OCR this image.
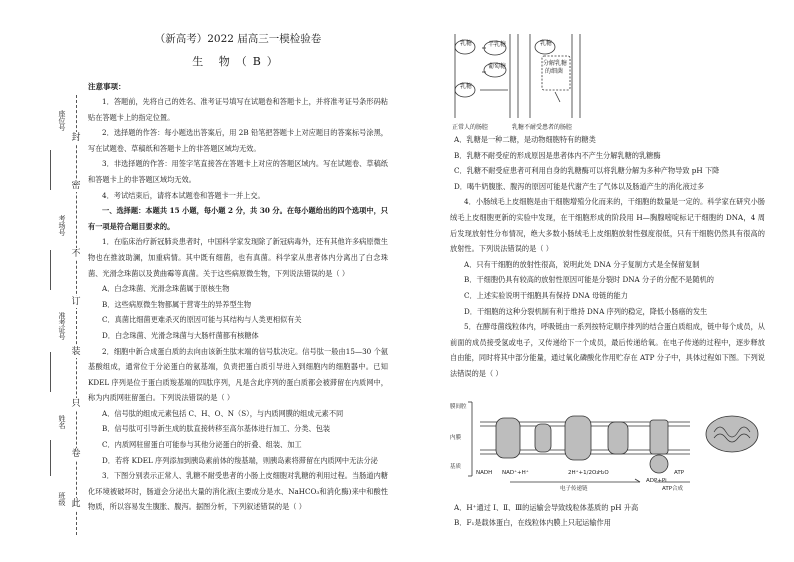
封
密
不
订
装
只
卷
此
座位号
考场号
准考证号
姓名
班级
（新高考）2022 届高三一模检验卷
生 物（B）
注意事项：
1．答题前，先将自己的姓名、准考证号填写在试题卷和答题卡上，并将准考证号条形码粘贴在答题卡上的指定位置。
2．选择题的作答：每小题选出答案后，用 2B 铅笔把答题卡上对应题目的答案标号涂黑，写在试题卷、草稿纸和答题卡上的非答题区域均无效。
3．非选择题的作答：用签字笔直接答在答题卡上对应的答题区域内。写在试题卷、草稿纸和答题卡上的非答题区域均无效。
4．考试结束后，请将本试题卷和答题卡一并上交。
一、选择题：本题共 15 小题，每小题 2 分，共 30 分。在每小题给出的四个选项中，只有一项是符合题目要求的。
1．在临床治疗新冠肺炎患者时，中国科学家发现除了新冠病毒外，还有其他许多病原微生物也在推波助澜，加重病情。其中既有细菌，也有真菌。科学家从患者体内分离出了白念珠菌、光滑念珠菌以及黄曲霉等真菌。关于这些病原微生物，下列说法错误的是（ ）
A．白念珠菌、光滑念珠菌属于原核生物
B．这些病原微生物都属于营寄生的异养型生物
C．真菌比细菌更难杀灭的原因可能与其结构与人类更相似有关
D．白念珠菌、光滑念珠菌与大肠杆菌都有核糖体
2．细胞中新合成蛋白质的去向由该新生肽末端的信号肽决定。信号肽一般由15—30 个氨基酸组成，通常位于分泌蛋白的氨基端，负责把蛋白质引导进入到细胞内的细胞器中。已知 KDEL 序列是位于蛋白质羧基端的四肽序列，凡是含此序列的蛋白质都会被滞留在内质网中，称为内质网驻留蛋白。下列说法错误的是（ ）
A．信号肽的组成元素包括 C、H、O、N（S），与内质网膜的组成元素不同
B．信号肽可引导新生成的肽直接转移至高尔基体进行加工、分类、包装
C．内质网驻留蛋白可能参与其他分泌蛋白的折叠、组装、加工
D．若将 KDEL 序列添加到胰岛素前体的羧基端，则胰岛素将滞留在内质网中无法分泌
3．下图分别表示正常人、乳糖不耐受患者的小肠上皮细胞对乳糖的利用过程。当肠道内糖化环境被破坏时，肠道会分泌出大量的消化液(主要成分是水、NaHCO₃和消化酶)来中和酸性物质，所以容易发生腹胀、腹泻。据图分析，下列叙述错误的是（ ）
乳糖	半乳糖
葡萄糖
乳糖
乳糖
分解乳糖
的细菌
正常人的肠腔	乳糖不耐受患者的肠腔
A．乳糖是一种二糖，是动物细胞特有的糖类
B．乳糖不耐受症的形成原因是患者体内不产生分解乳糖的乳糖酶
C．乳糖不耐受症患者可利用自身的乳糖酶可以将乳糖分解为多种产物导致 pH 下降
D．喝牛奶腹胀、腹泻的原因可能是代谢产生了气体以及肠道产生的消化液过多
4．小肠绒毛上皮细胞是由干细胞增殖分化而来的，干细胞的数量是一定的。科学家在研究小肠绒毛上皮细胞更新的实验中发现，在干细胞形成的阶段用 H—胸腺嘧啶标记干细胞的 DNA，4 周后发现放射性分布情况，绝大多数小肠绒毛上皮细胞放射性强度很低，只有干细胞仍然具有很高的放射性。下列说法错误的是（ ）
A．只有干细胞的放射性很高，说明此处 DNA 分子复制方式是全保留复制
B．干细胞仍具有较高的放射性原因可能是分裂时 DNA 分子的分配不是随机的
C．上述实验说明干细胞具有保持 DNA 母链的能力
D．干细胞的这种分裂机制有利于维持 DNA 序列的稳定，降低小肠癌的发生
5．在酵母菌线粒体内，呼吸链由一系列按特定顺序排列的结合蛋白质组成，链中每个成员，从前面的成员接受氢或电子，又传递给下一个成员，最后传递给氧。在电子传递的过程中，逐步释放自由能，同时将其中部分能量，通过氧化磷酸化作用贮存在 ATP 分子中，具体过程如下图。下列说法错误的是（ ）
膜间腔
内膜
基质
NADH NAD⁺+H⁺	2H⁺+1/2O₂ H₂O
ADP+Pi
ATP
电子传递链	ATP合成
A．H⁺通过 Ⅰ、Ⅱ、Ⅲ的运输会导致线粒体基质的 pH 升高
B．F₁是载体蛋白，在线粒体内膜上只起运输作用
